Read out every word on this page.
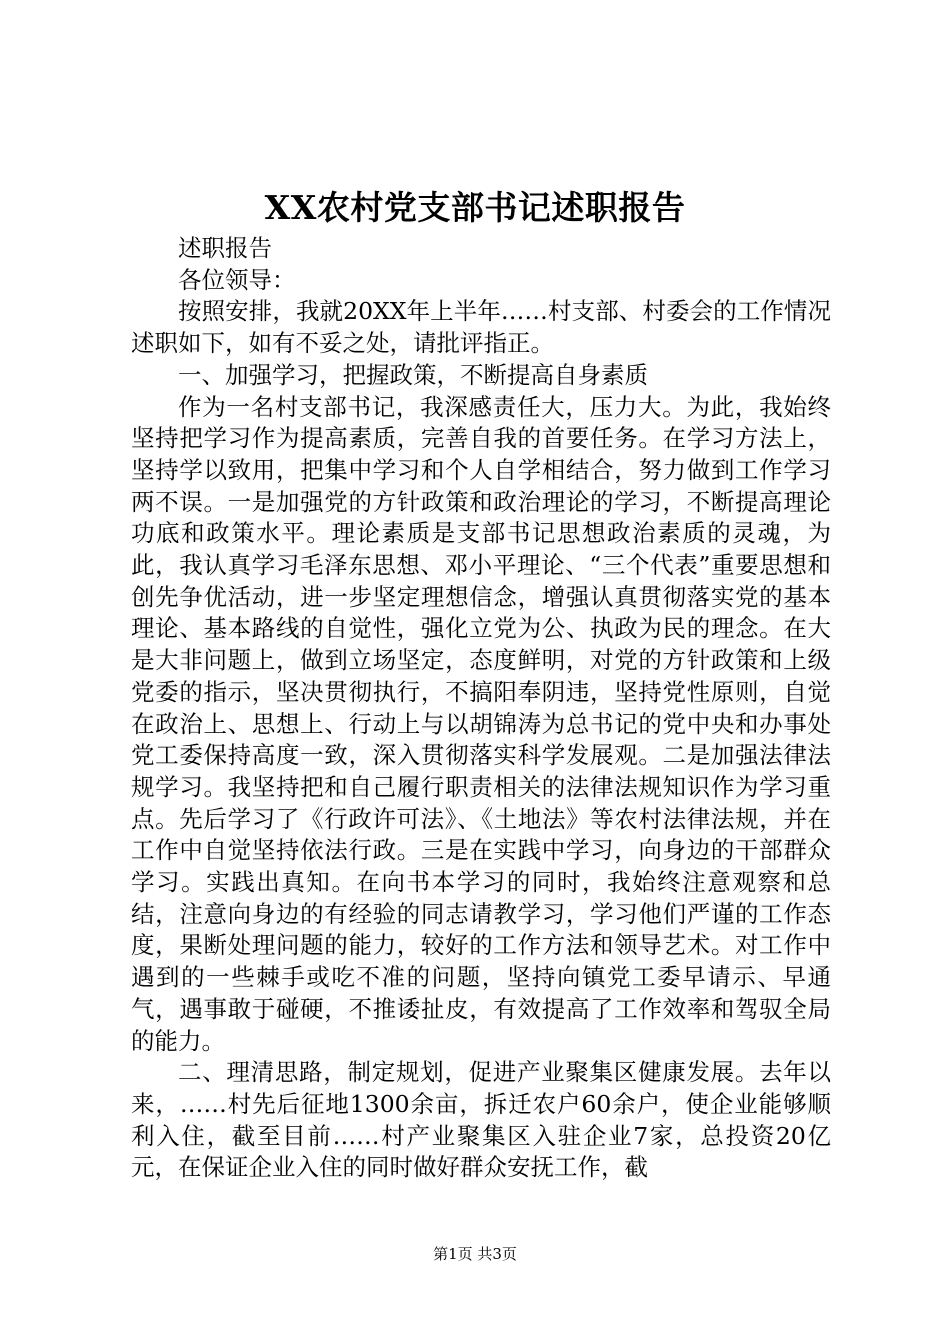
XX农村党支部书记述职报告

述职报告

各位领导：

按照安排，我就20XX年上半年……村支部、村委会的工作情况述职如下，如有不妥之处，请批评指正。

一、加强学习，把握政策，不断提高自身素质

作为一名村支部书记，我深感责任大，压力大。为此，我始终坚持把学习作为提高素质，完善自我的首要任务。在学习方法上，坚持学以致用，把集中学习和个人自学相结合，努力做到工作学习两不误。一是加强党的方针政策和政治理论的学习，不断提高理论功底和政策水平。理论素质是支部书记思想政治素质的灵魂，为此，我认真学习毛泽东思想、邓小平理论、“三个代表”重要思想和创先争优活动，进一步坚定理想信念，增强认真贯彻落实党的基本理论、基本路线的自觉性，强化立党为公、执政为民的理念。在大是大非问题上，做到立场坚定，态度鲜明，对党的方针政策和上级党委的指示，坚决贯彻执行，不搞阳奉阴违，坚持党性原则，自觉在政治上、思想上、行动上与以胡锦涛为总书记的党中央和办事处党工委保持高度一致，深入贯彻落实科学发展观。二是加强法律法规学习。我坚持把和自己履行职责相关的法律法规知识作为学习重点。先后学习了《行政许可法》、《土地法》等农村法律法规，并在工作中自觉坚持依法行政。三是在实践中学习，向身边的干部群众学习。实践出真知。在向书本学习的同时，我始终注意观察和总结，注意向身边的有经验的同志请教学习，学习他们严谨的工作态度，果断处理问题的能力，较好的工作方法和领导艺术。对工作中遇到的一些棘手或吃不准的问题，坚持向镇党工委早请示、早通气，遇事敢于碰硬，不推诿扯皮，有效提高了工作效率和驾驭全局的能力。

二、理清思路，制定规划，促进产业聚集区健康发展。去年以来，……村先后征地1300余亩，拆迁农户60余户，使企业能够顺利入住，截至目前……村产业聚集区入驻企业7家，总投资20亿元，在保证企业入住的同时做好群众安抚工作，截

第1页 共3页
